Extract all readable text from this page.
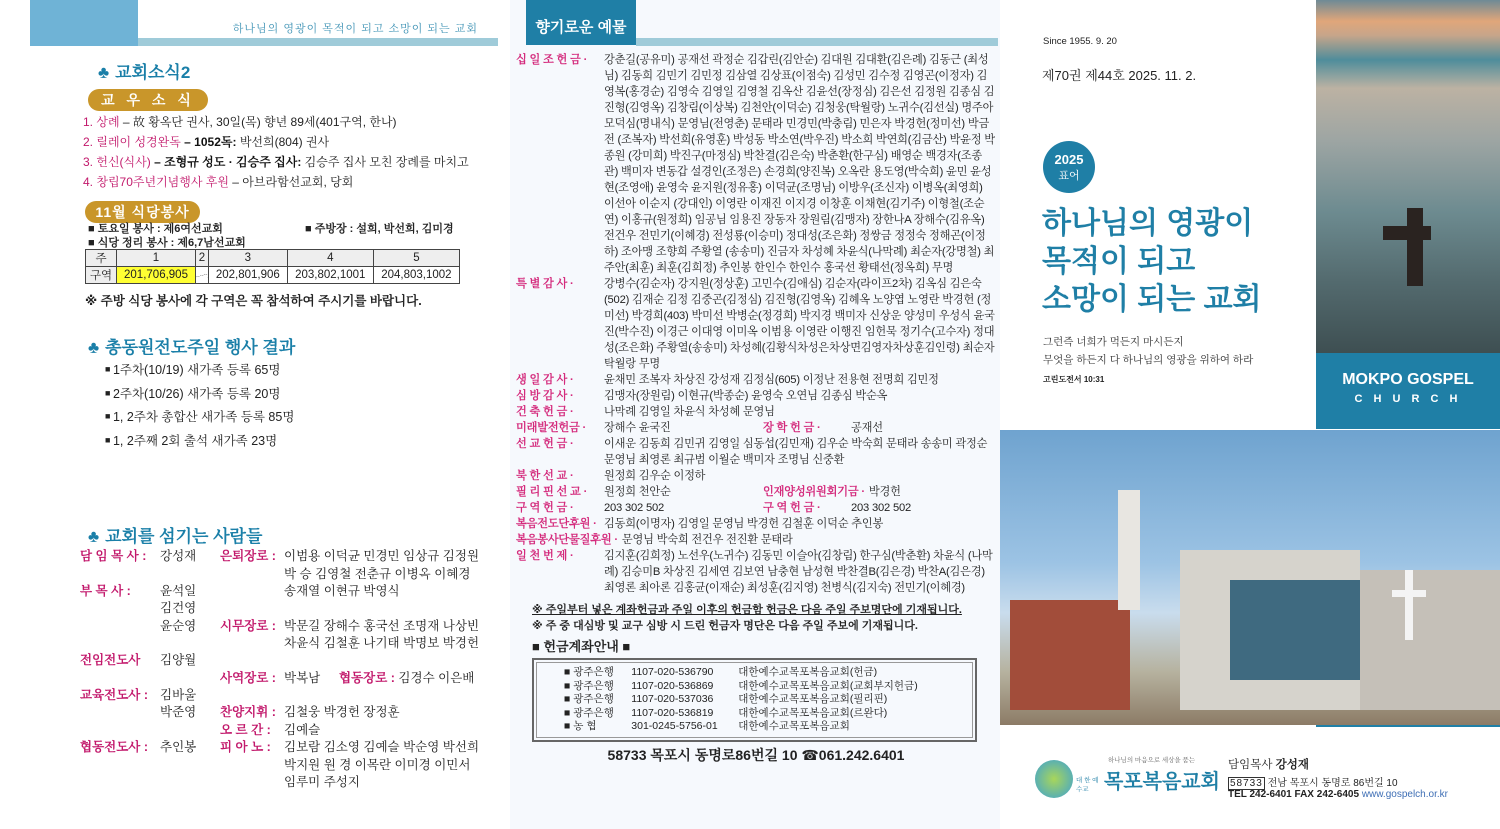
하나님의 영광이 목적이 되고 소망이 되는 교회
♣ 교회소식2
교 우 소 식
1. 상례 – 故 황옥단 권사, 30일(목) 향년 89세(401구역, 한나)
2. 릴레이 성경완독 – 1052독: 박선희(804) 권사
3. 헌신(식사) – 조형규 성도 · 김승주 집사: 김승주 집사 모친 장례를 마치고
4. 창립70주년기념행사 후원 – 아브라함선교회, 당회
11월 식당봉사
■ 토요일 봉사 : 제6여선교회
■ 식당 정리 봉사 : 제6,7남선교회
■ 주방장 : 설희, 박선희, 김미경
주	1	2	3	4	5
구역	201,706,905		202,801,906	203,802,1001	204,803,1002
※ 주방 식당 봉사에 각 구역은 꼭 참석하여 주시기를 바랍니다.
♣ 총동원전도주일 행사 결과
■ 1주차(10/19) 새가족 등록 65명
■ 2주차(10/26) 새가족 등록 20명
■ 1, 2주차 총합산 새가족 등록 85명
■ 1, 2주째 2회 출석 새가족 23명
♣ 교회를 섬기는 사람들
담 임 목 사 : 강성재
부 목 사 : 윤석일
김건영
윤순영
전임전도사 김양월
교육전도사 : 김바울
박준영
협동전도사 : 추인봉
은퇴장로 : 이범용 이덕균 민경민 임상규 김정원
박 승 김영철 전춘규 이병옥 이혜경
송재열 이현규 박영식
시무장로 : 박문길 장해수 홍국선 조명재 나상빈
차윤식 김철훈 나기태 박명보 박경헌
사역장로 : 박복남 협동장로 : 김경수 이은배
찬양지휘 : 김철웅 박경헌 장정훈
오 르 간 : 김예슬
피 아 노 : 김보람 김소영 김예슬 박순영 박선희
박지원 원 경 이목란 이미경 이민서
임루미 주성지
향기로운 예물
십 일 조 헌 금 ·	강춘길(공유미) 공재선 곽정순 김갑린(김안순) 김대원 김대환(김은례) 김동근 (최성님) 김동희 김민기 김민정 김삼열 김상표(이점숙) 김성민 김수정 김영곤(이정자) 김영복(홍경순) 김영숙 김영일 김영철 김옥산 김윤선(장정심) 김은선 김정원 김종심 김진형(김영옥) 김창림(이상복) 김천안(이덕순) 김청웅(탁월랑) 노귀수(김선실) 명주아 모덕심(명내식) 문영님(전영춘) 문태라 민경민(박충림) 민은자 박경헌(정미선) 박금전 (조복자) 박선희(유영훈) 박성동 박소연(박우진) 박소희 박연희(김금산) 박윤정 박종원 (강미희) 박진구(마정심) 박찬결(김은숙) 박춘환(한구심) 배영순 백경자(조종관) 백미자 변동갑 설경인(조정은) 손경희(양진복) 오옥란 용도영(박숙희) 윤민 윤성현(조영애) 윤영숙 윤지원(정유홍) 이덕균(조명님) 이방우(조신자) 이병옥(최영희) 이선아 이순지 (강대인) 이영란 이재진 이지경 이창훈 이채현(김기주) 이형철(조순연) 이홍규(원정희) 임공님 임용진 장동자 장원림(김맹자) 장한나A 장해수(김유옥) 전건우 전민기(이혜경) 전성룡(이승미) 정대성(조은화) 정쌍금 정정숙 정해곤(이정하) 조아맹 조향희 주황열 (송송미) 진금자 차성혜 차윤식(나막례) 최순자(강명철) 최주안(최훈) 최훈(김희정) 추인봉 한인수 한인수 홍국선 황태선(정옥희) 무명
특 별 감 사 ·	강병수(김순자) 강지원(정상훈) 고민수(김애심) 김순자(라이프2차) 김옥심 김은숙(502) 김재순 김정 김중곤(김정심) 김진형(김영옥) 김혜옥 노양엽 노영란 박경헌 (정미선) 박경희(403) 박미선 박병순(정경희) 박지경 백미자 신상운 양성미 우성식 윤국진(박수진) 이경근 이대영 이미옥 이범용 이영란 이행진 임헌묵 정기수(고수자) 정대성(조은화) 주황열(송송미) 차성혜(김황식차성은차상면김영자차상훈김인령) 최순자 탁월랑 무명
생 일 감 사 ·	윤채민 조복자 차상진 강성재 김정심(605) 이정난 전용현 전명희 김민정
심 방 감 사 ·	김맹자(장원림) 이현규(박종순) 윤영숙 오연님 김종심 박순옥
건 축 헌 금 ·	나막례 김영일 차윤식 차성혜 문영님
미래발전헌금 ·	장해수 윤국진	장 학 헌 금 ·	공재선
선 교 헌 금 ·	이새운 김동희 김민귀 김영일 심동섭(김민재) 김우순 박숙희 문태라 송송미 곽정순 문영님 최영론 최규범 이월순 백미자 조명님 신중환
북 한 선 교 ·	원정희 김우순 이정하
필 리 핀 선 교 ·	원정희 천안순	인재양성위원회기금 · 박경헌
구 역 헌 금 ·	203 302 502	구 역 헌 금 ·	203 302 502
복음전도단후원 · 김동희(이명자) 김영일 문영님 박경헌 김철훈 이덕순 추인봉
복음봉사단물질후원 · 문영님 박숙희 전건우 전진환 문태라
일 천 번 제 ·	김지훈(김희정) 노선우(노귀수) 김동민 이슬아(김창림) 한구심(박춘환) 차윤식 (나막례) 김승미B 차상진 김세연 김보연 남충현 남성현 박찬결B(김은경) 박찬A(김은경) 최영론 최아론 김홍균(이재순) 최성훈(김지영) 천병식(김지숙) 전민기(이혜경)
※ 주일부터 넣은 계좌헌금과 주일 이후의 헌금함 헌금은 다음 주일 주보명단에 기재됩니다.
※ 주 중 대심방 및 교구 심방 시 드린 헌금자 명단은 다음 주일 주보에 기재됩니다.
■ 헌금계좌안내 ■
■ 광주은행 1107-020-536790 대한예수교목포복음교회(헌금)
■ 광주은행 1107-020-536869 대한예수교목포복음교회(교회부지헌금)
■ 광주은행 1107-020-537036 대한예수교목포복음교회(필리핀)
■ 광주은행 1107-020-536819 대한예수교목포복음교회(르완다)
■ 농 협	301-0245-5756-01 대한예수교목포복음교회
58733 목포시 동명로86번길 10 ☎061.242.6401
Since 1955. 9. 20
제70권 제44호 2025. 11. 2.
2025
표어
하나님의 영광이
목적이 되고
소망이 되는 교회
그런즉 너희가 먹든지 마시든지
무엇을 하든지 다 하나님의 영광을 위하여 하라
고린도전서 10:31	MOKPO GOSPEL
C H U R C H
하나님의 마음으로 세상을 품는
대 한 예수교 목포복음교회
담임목사 강성재
58733 전남 목포시 동명로 86번길 10
TEL 242-6401 FAX 242-6405 www.gospelch.or.kr
